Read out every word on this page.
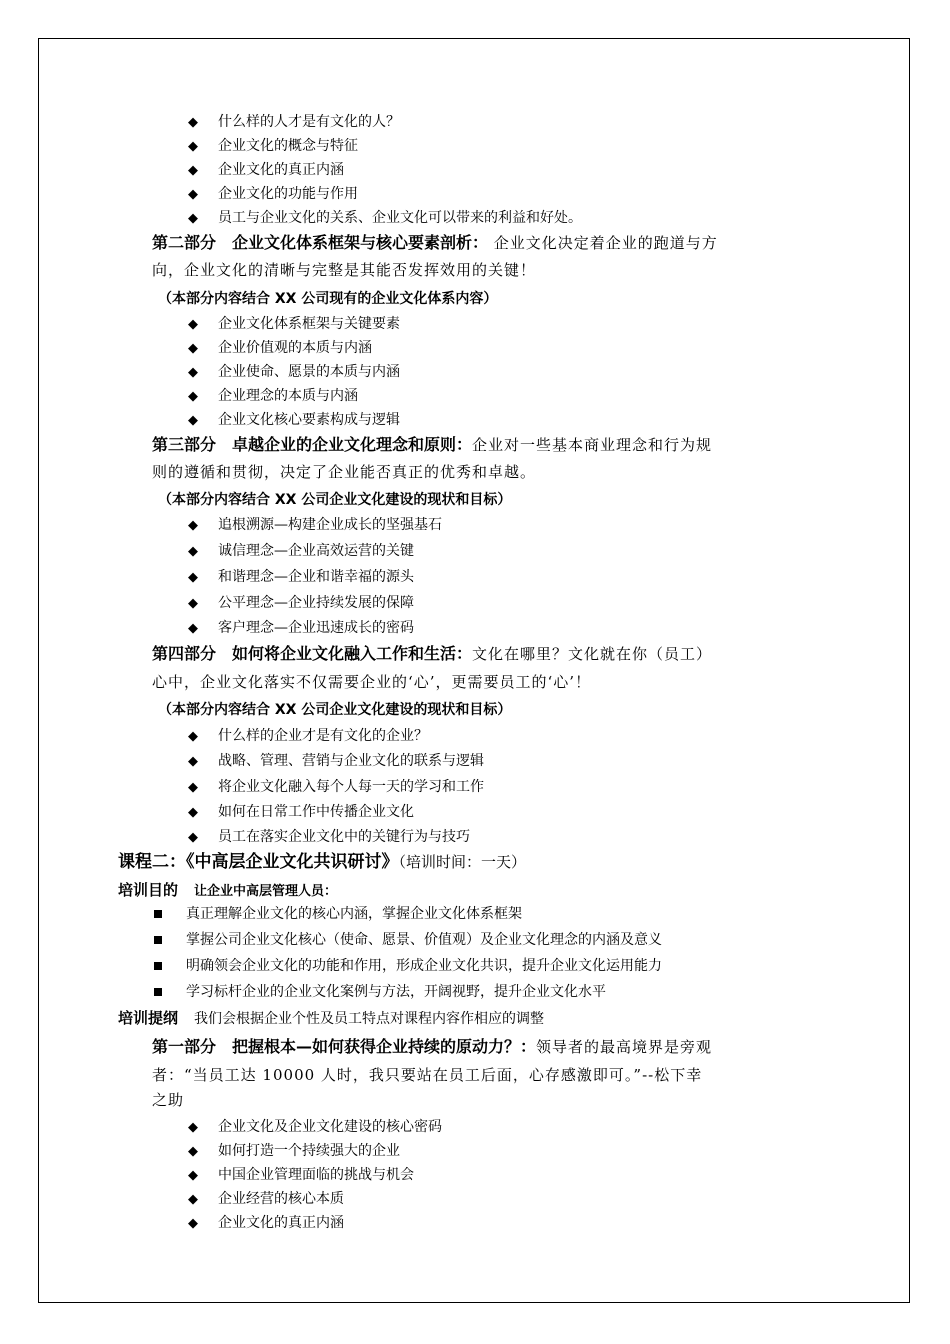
◆ 什么样的人才是有文化的人？
◆ 企业文化的概念与特征
◆ 企业文化的真正内涵
◆ 企业文化的功能与作用
◆ 员工与企业文化的关系、企业文化可以带来的利益和好处。
第二部分　企业文化体系框架与核心要素剖析： 企业文化决定着企业的跑道与方
向，企业文化的清晰与完整是其能否发挥效用的关键！
（本部分内容结合 XX 公司现有的企业文化体系内容）
◆ 企业文化体系框架与关键要素
◆ 企业价值观的本质与内涵
◆ 企业使命、愿景的本质与内涵
◆ 企业理念的本质与内涵
◆ 企业文化核心要素构成与逻辑
第三部分　卓越企业的企业文化理念和原则：企业对一些基本商业理念和行为规
则的遵循和贯彻，决定了企业能否真正的优秀和卓越。
（本部分内容结合 XX 公司企业文化建设的现状和目标）
◆ 追根溯源—构建企业成长的坚强基石
◆ 诚信理念—企业高效运营的关键
◆ 和谐理念—企业和谐幸福的源头
◆ 公平理念—企业持续发展的保障
◆ 客户理念—企业迅速成长的密码
第四部分　如何将企业文化融入工作和生活：文化在哪里？文化就在你（员工）
心中，企业文化落实不仅需要企业的‘心’，更需要员工的‘心’！
（本部分内容结合 XX 公司企业文化建设的现状和目标）
◆ 什么样的企业才是有文化的企业？
◆ 战略、管理、营销与企业文化的联系与逻辑
◆ 将企业文化融入每个人每一天的学习和工作
◆ 如何在日常工作中传播企业文化
◆ 员工在落实企业文化中的关键行为与技巧
课程二：《中高层企业文化共识研讨》（培训时间：一天）
培训目的 让企业中高层管理人员：
真正理解企业文化的核心内涵，掌握企业文化体系框架
掌握公司企业文化核心（使命、愿景、价值观）及企业文化理念的内涵及意义
明确领会企业文化的功能和作用，形成企业文化共识，提升企业文化运用能力
学习标杆企业的企业文化案例与方法，开阔视野，提升企业文化水平
培训提纲 我们会根据企业个性及员工特点对课程内容作相应的调整
第一部分　把握根本—如何获得企业持续的原动力？：领导者的最高境界是旁观
者：“当员工达 10000 人时，我只要站在员工后面，心存感激即可。”--松下幸
之助
◆ 企业文化及企业文化建设的核心密码
◆ 如何打造一个持续强大的企业
◆ 中国企业管理面临的挑战与机会
◆ 企业经营的核心本质
◆ 企业文化的真正内涵
